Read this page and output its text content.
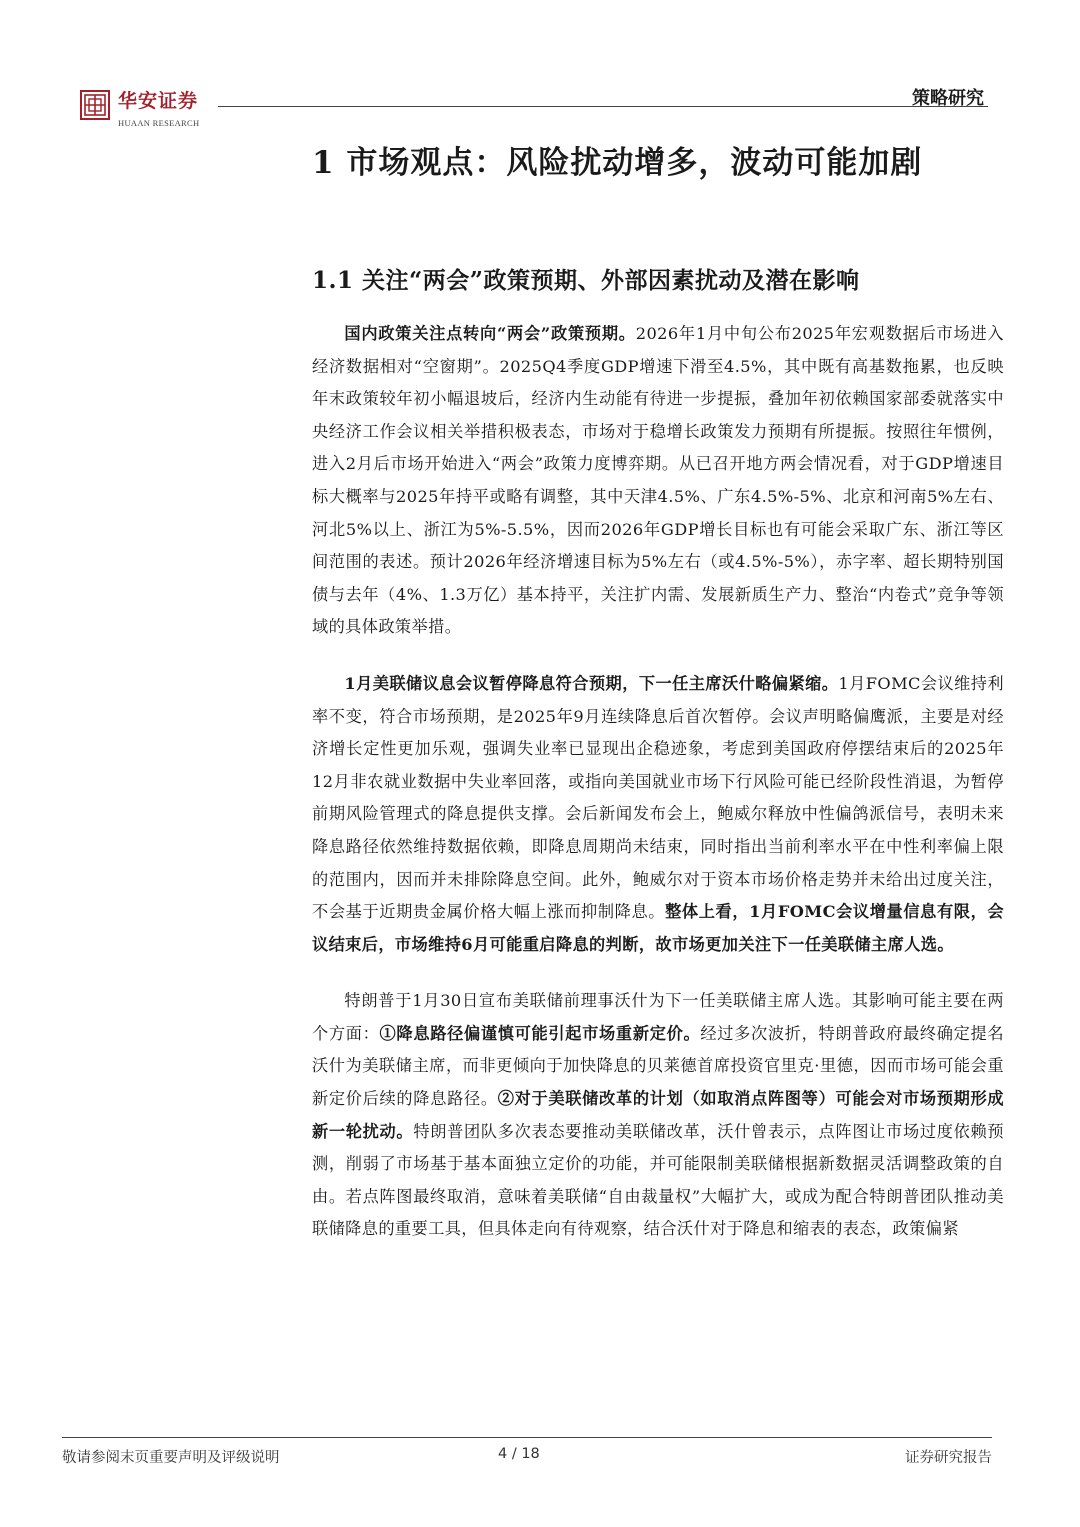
华安证券
HUAAN RESEARCH
策略研究
1 市场观点：风险扰动增多，波动可能加剧
1.1 关注“两会”政策预期、外部因素扰动及潜在影响

国内政策关注点转向“两会”政策预期。2026年1月中旬公布2025年宏观数据后市场进入经济数据相对“空窗期”。2025Q4季度GDP增速下滑至4.5%，其中既有高基数拖累，也反映年末政策较年初小幅退坡后，经济内生动能有待进一步提振，叠加年初依赖国家部委就落实中央经济工作会议相关举措积极表态，市场对于稳增长政策发力预期有所提振。按照往年惯例，进入2月后市场开始进入“两会”政策力度博弈期。从已召开地方两会情况看，对于GDP增速目标大概率与2025年持平或略有调整，其中天津4.5%、广东4.5%-5%、北京和河南5%左右、河北5%以上、浙江为5%-5.5%，因而2026年GDP增长目标也有可能会采取广东、浙江等区间范围的表述。预计2026年经济增速目标为5%左右（或4.5%-5%），赤字率、超长期特别国债与去年（4%、1.3万亿）基本持平，关注扩内需、发展新质生产力、整治“内卷式”竞争等领域的具体政策举措。

1月美联储议息会议暂停降息符合预期，下一任主席沃什略偏紧缩。1月FOMC会议维持利率不变，符合市场预期，是2025年9月连续降息后首次暂停。会议声明略偏鹰派，主要是对经济增长定性更加乐观，强调失业率已显现出企稳迹象，考虑到美国政府停摆结束后的2025年12月非农就业数据中失业率回落，或指向美国就业市场下行风险可能已经阶段性消退，为暂停前期风险管理式的降息提供支撑。会后新闻发布会上，鲍威尔释放中性偏鸽派信号，表明未来降息路径依然维持数据依赖，即降息周期尚未结束，同时指出当前利率水平在中性利率偏上限的范围内，因而并未排除降息空间。此外，鲍威尔对于资本市场价格走势并未给出过度关注，不会基于近期贵金属价格大幅上涨而抑制降息。整体上看，1月FOMC会议增量信息有限，会议结束后，市场维持6月可能重启降息的判断，故市场更加关注下一任美联储主席人选。

特朗普于1月30日宣布美联储前理事沃什为下一任美联储主席人选。其影响可能主要在两个方面：①降息路径偏谨慎可能引起市场重新定价。经过多次波折，特朗普政府最终确定提名沃什为美联储主席，而非更倾向于加快降息的贝莱德首席投资官里克·里德，因而市场可能会重新定价后续的降息路径。②对于美联储改革的计划（如取消点阵图等）可能会对市场预期形成新一轮扰动。特朗普团队多次表态要推动美联储改革，沃什曾表示，点阵图让市场过度依赖预测，削弱了市场基于基本面独立定价的功能，并可能限制美联储根据新数据灵活调整政策的自由。若点阵图最终取消，意味着美联储“自由裁量权”大幅扩大，或成为配合特朗普团队推动美联储降息的重要工具，但具体走向有待观察，结合沃什对于降息和缩表的表态，政策偏紧

敬请参阅末页重要声明及评级说明	4 / 18	证券研究报告
